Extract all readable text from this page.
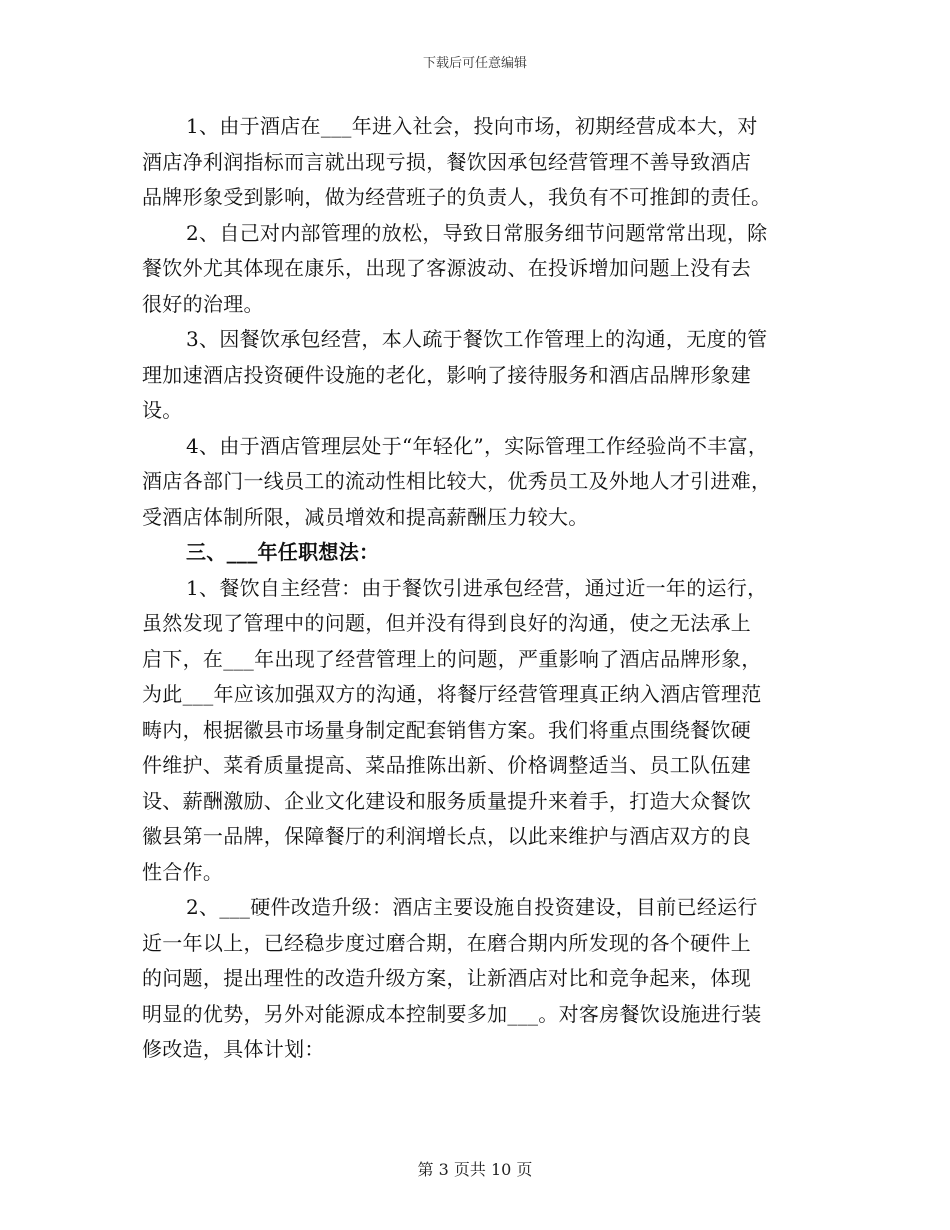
下载后可任意编辑
1、由于酒店在___年进入社会，投向市场，初期经营成本大，对
酒店净利润指标而言就出现亏损，餐饮因承包经营管理不善导致酒店
品牌形象受到影响，做为经营班子的负责人，我负有不可推卸的责任。
2、自己对内部管理的放松，导致日常服务细节问题常常出现，除
餐饮外尤其体现在康乐，出现了客源波动、在投诉增加问题上没有去
很好的治理。
3、因餐饮承包经营，本人疏于餐饮工作管理上的沟通，无度的管
理加速酒店投资硬件设施的老化，影响了接待服务和酒店品牌形象建
设。
4、由于酒店管理层处于“年轻化”，实际管理工作经验尚不丰富，
酒店各部门一线员工的流动性相比较大，优秀员工及外地人才引进难，
受酒店体制所限，减员增效和提高薪酬压力较大。
三、___年任职想法：
1、餐饮自主经营：由于餐饮引进承包经营，通过近一年的运行，
虽然发现了管理中的问题，但并没有得到良好的沟通，使之无法承上
启下，在___年出现了经营管理上的问题，严重影响了酒店品牌形象，
为此___年应该加强双方的沟通，将餐厅经营管理真正纳入酒店管理范
畴内，根据徽县市场量身制定配套销售方案。我们将重点围绕餐饮硬
件维护、菜肴质量提高、菜品推陈出新、价格调整适当、员工队伍建
设、薪酬激励、企业文化建设和服务质量提升来着手，打造大众餐饮
徽县第一品牌，保障餐厅的利润增长点，以此来维护与酒店双方的良
性合作。
2、___硬件改造升级：酒店主要设施自投资建设，目前已经运行
近一年以上，已经稳步度过磨合期，在磨合期内所发现的各个硬件上
的问题，提出理性的改造升级方案，让新酒店对比和竞争起来，体现
明显的优势，另外对能源成本控制要多加___。对客房餐饮设施进行装
修改造，具体计划：
第 3 页共 10 页
